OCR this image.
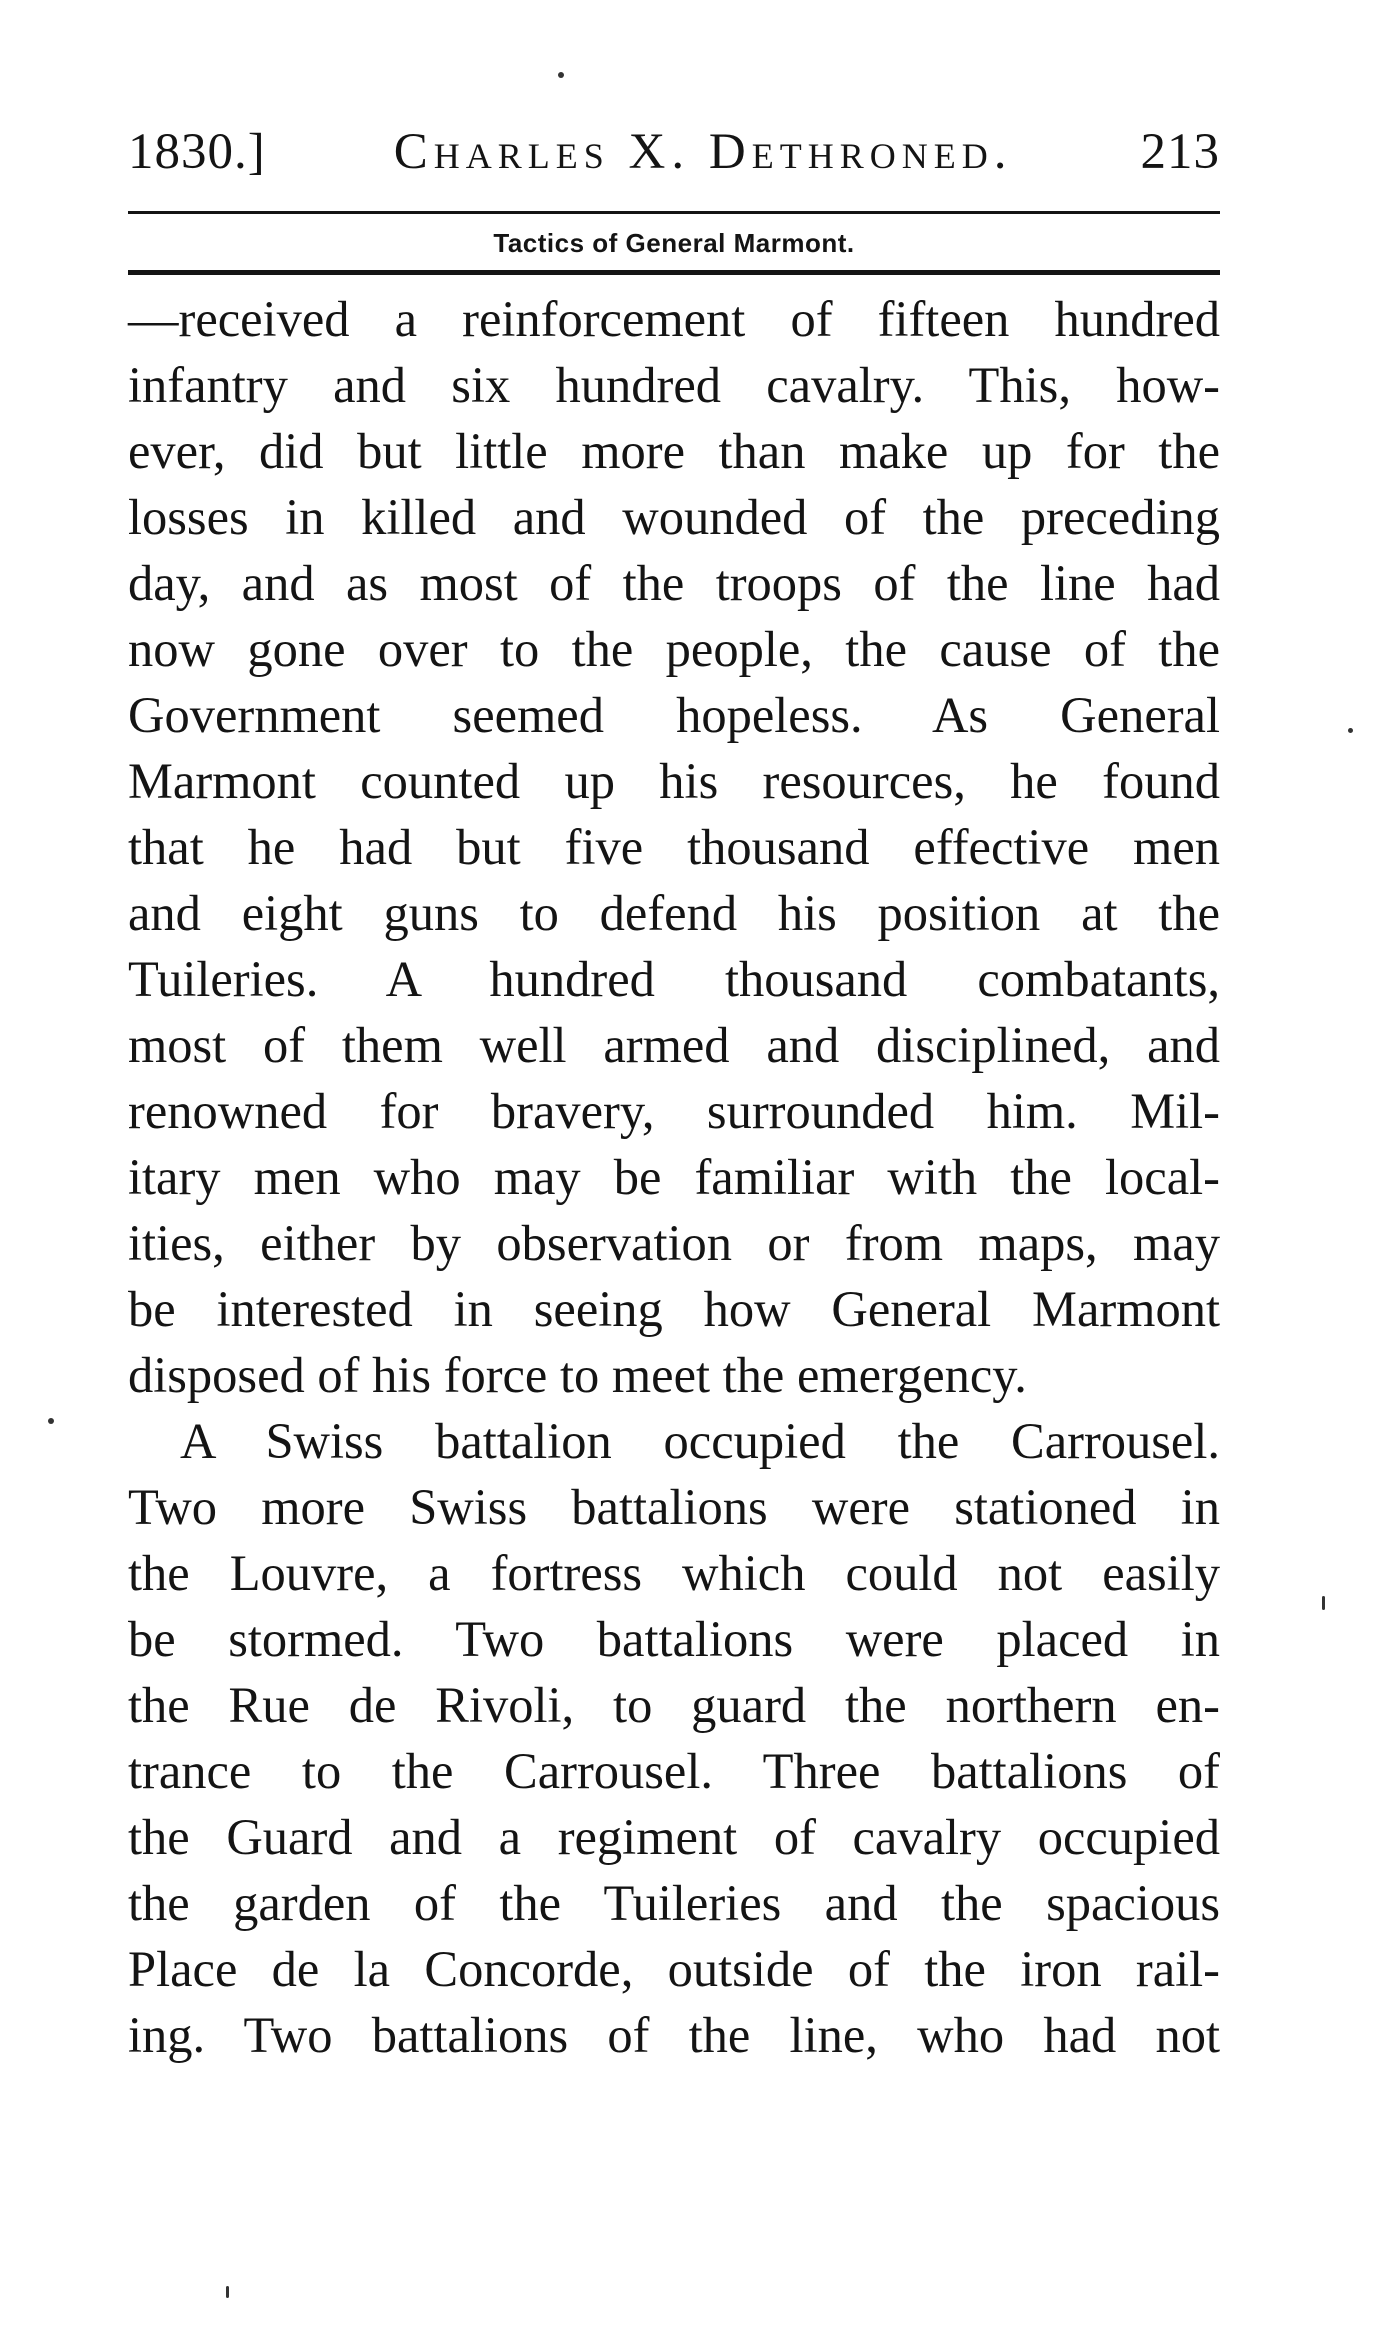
1830.]	Charles X. Dethroned.	213
Tactics of General Marmont.
—received a reinforcement of fifteen hundred
infantry and six hundred cavalry. This, how-
ever, did but little more than make up for the
losses in killed and wounded of the preceding
day, and as most of the troops of the line had
now gone over to the people, the cause of the
Government seemed hopeless. As General
Marmont counted up his resources, he found
that he had but five thousand effective men
and eight guns to defend his position at the
Tuileries. A hundred thousand combatants,
most of them well armed and disciplined, and
renowned for bravery, surrounded him. Mil-
itary men who may be familiar with the local-
ities, either by observation or from maps, may
be interested in seeing how General Marmont
disposed of his force to meet the emergency.
A Swiss battalion occupied the Carrousel.
Two more Swiss battalions were stationed in
the Louvre, a fortress which could not easily
be stormed. Two battalions were placed in
the Rue de Rivoli, to guard the northern en-
trance to the Carrousel. Three battalions of
the Guard and a regiment of cavalry occupied
the garden of the Tuileries and the spacious
Place de la Concorde, outside of the iron rail-
ing. Two battalions of the line, who had not
